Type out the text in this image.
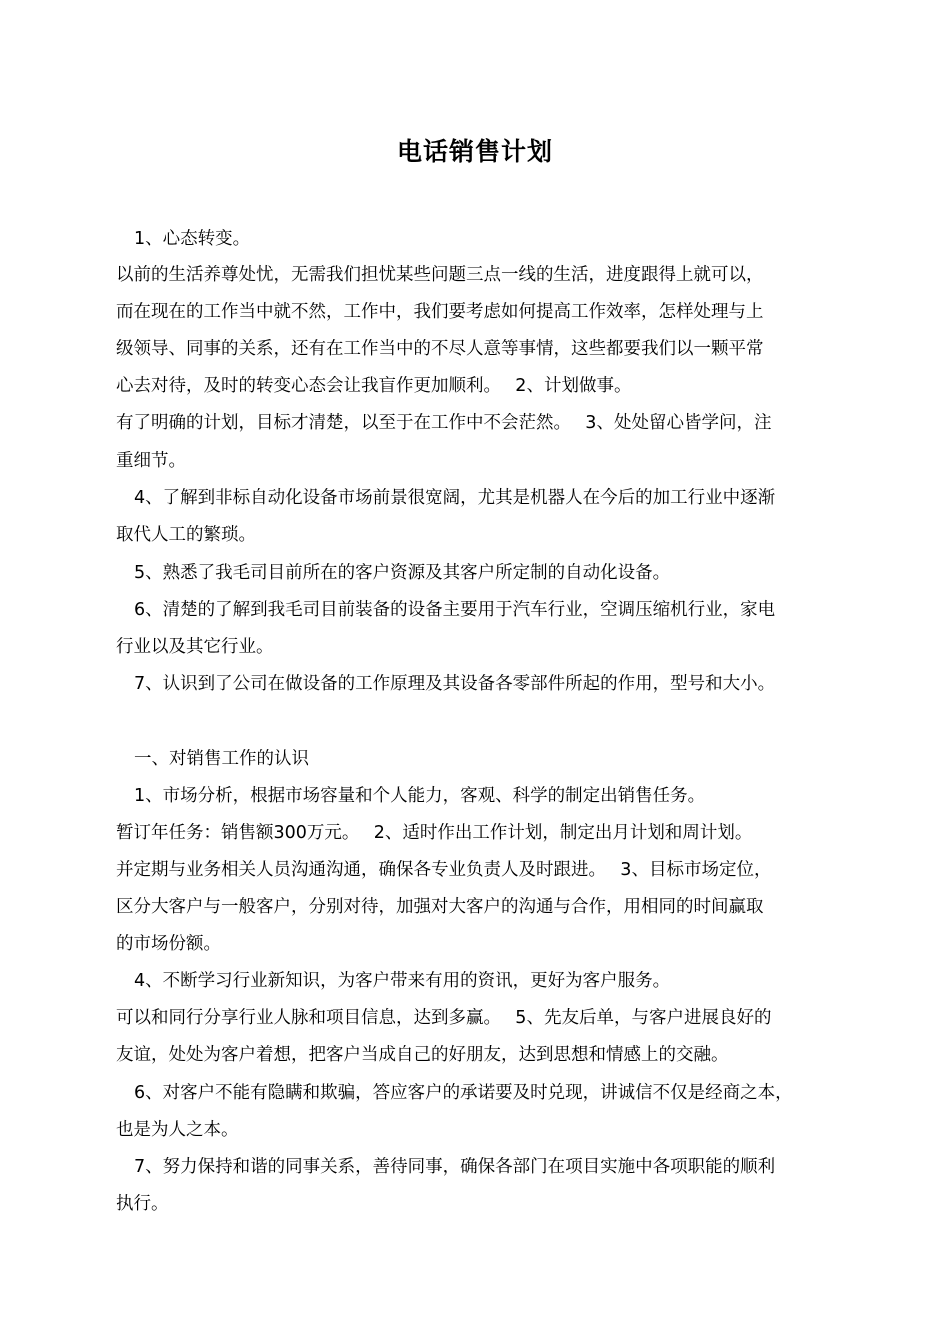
电话销售计划
1、心态转变。
以前的生活养尊处忧，无需我们担忧某些问题三点一线的生活，进度跟得上就可以，
而在现在的工作当中就不然，工作中，我们要考虑如何提高工作效率，怎样处理与上
级领导、同事的关系，还有在工作当中的不尽人意等事情，这些都要我们以一颗平常
心去对待，及时的转变心态会让我盲作更加顺利。　 2、计划做事。
有了明确的计划，目标才清楚，以至于在工作中不会茫然。　 3、处处留心皆学问，注
重细节。
4、了解到非标自动化设备市场前景很宽阔，尤其是机器人在今后的加工行业中逐渐
取代人工的繁琐。
5、熟悉了我毛司目前所在的客户资源及其客户所定制的自动化设备。
6、清楚的了解到我毛司目前装备的设备主要用于汽车行业，空调压缩机行业，家电
行业以及其它行业。
7、认识到了公司在做设备的工作原理及其设备各零部件所起的作用，型号和大小。
一、对销售工作的认识
1、市场分析，根据市场容量和个人能力，客观、科学的制定出销售任务。
暂订年任务：销售额300万元。　 2、适时作出工作计划，制定出月计划和周计划。
并定期与业务相关人员沟通沟通，确保各专业负责人及时跟进。　 3、目标市场定位，
区分大客户与一般客户，分别对待，加强对大客户的沟通与合作，用相同的时间赢取
的市场份额。
4、不断学习行业新知识，为客户带来有用的资讯，更好为客户服务。
可以和同行分享行业人脉和项目信息，达到多赢。　 5、先友后单，与客户进展良好的
友谊，处处为客户着想，把客户当成自己的好朋友，达到思想和情感上的交融。
6、对客户不能有隐瞒和欺骗，答应客户的承诺要及时兑现，讲诚信不仅是经商之本，
也是为人之本。
7、努力保持和谐的同事关系，善待同事，确保各部门在项目实施中各项职能的顺利
执行。
